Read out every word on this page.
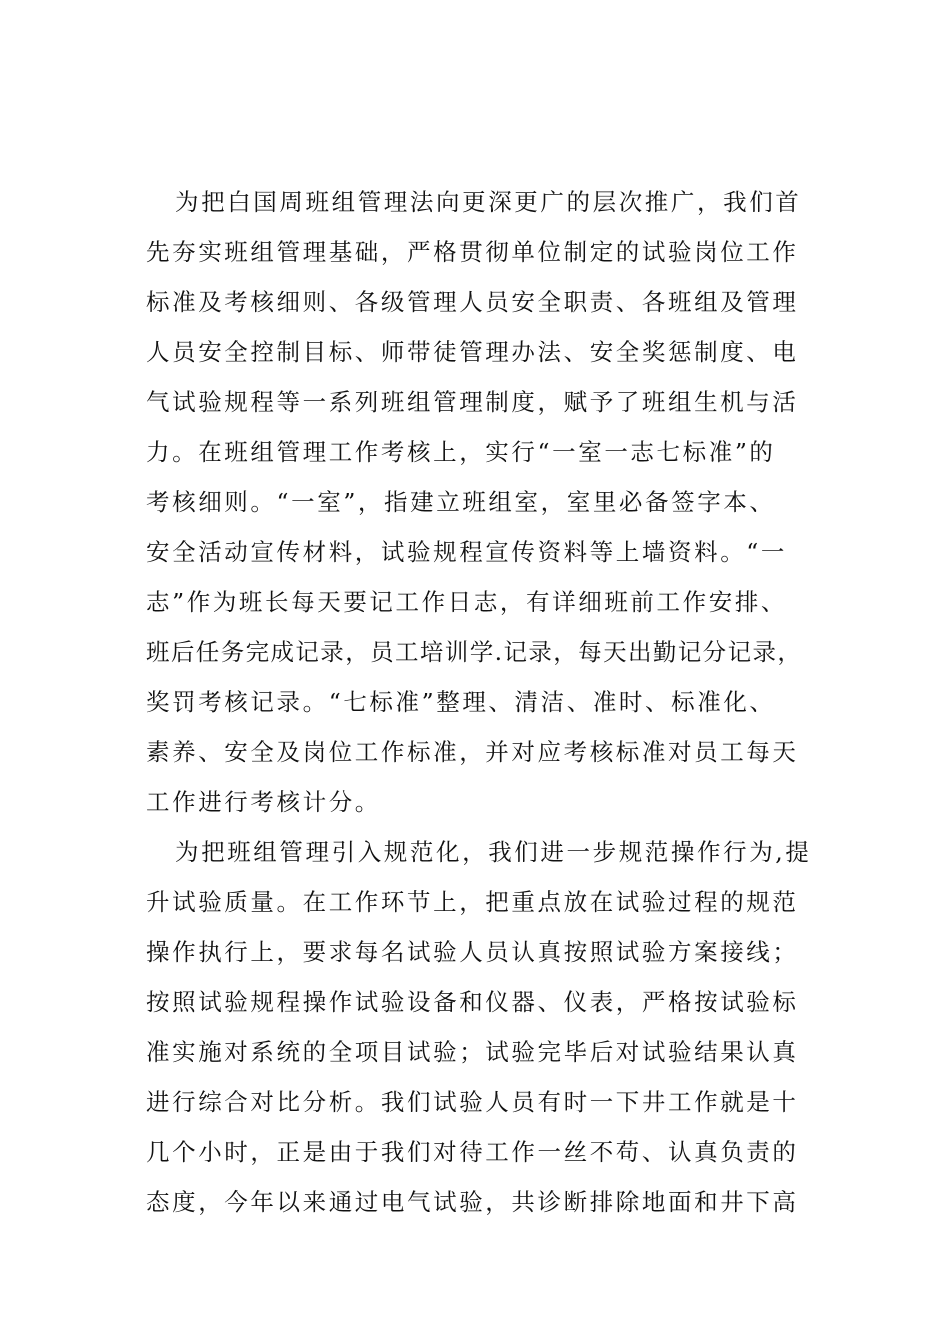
为把白国周班组管理法向更深更广的层次推广，我们首
先夯实班组管理基础，严格贯彻单位制定的试验岗位工作
标准及考核细则、各级管理人员安全职责、各班组及管理
人员安全控制目标、师带徒管理办法、安全奖惩制度、电
气试验规程等一系列班组管理制度，赋予了班组生机与活
力。在班组管理工作考核上，实行“一室一志七标准”的
考核细则。“一室”，指建立班组室，室里必备签字本、
安全活动宣传材料，试验规程宣传资料等上墙资料。“一
志”作为班长每天要记工作日志，有详细班前工作安排、
班后任务完成记录，员工培训学.记录，每天出勤记分记录，
奖罚考核记录。“七标准”整理、清洁、准时、标准化、
素养、安全及岗位工作标准，并对应考核标准对员工每天
工作进行考核计分。
为把班组管理引入规范化，我们进一步规范操作行为,提
升试验质量。在工作环节上，把重点放在试验过程的规范
操作执行上，要求每名试验人员认真按照试验方案接线；
按照试验规程操作试验设备和仪器、仪表，严格按试验标
准实施对系统的全项目试验；试验完毕后对试验结果认真
进行综合对比分析。我们试验人员有时一下井工作就是十
几个小时，正是由于我们对待工作一丝不苟、认真负责的
态度，今年以来通过电气试验，共诊断排除地面和井下高
